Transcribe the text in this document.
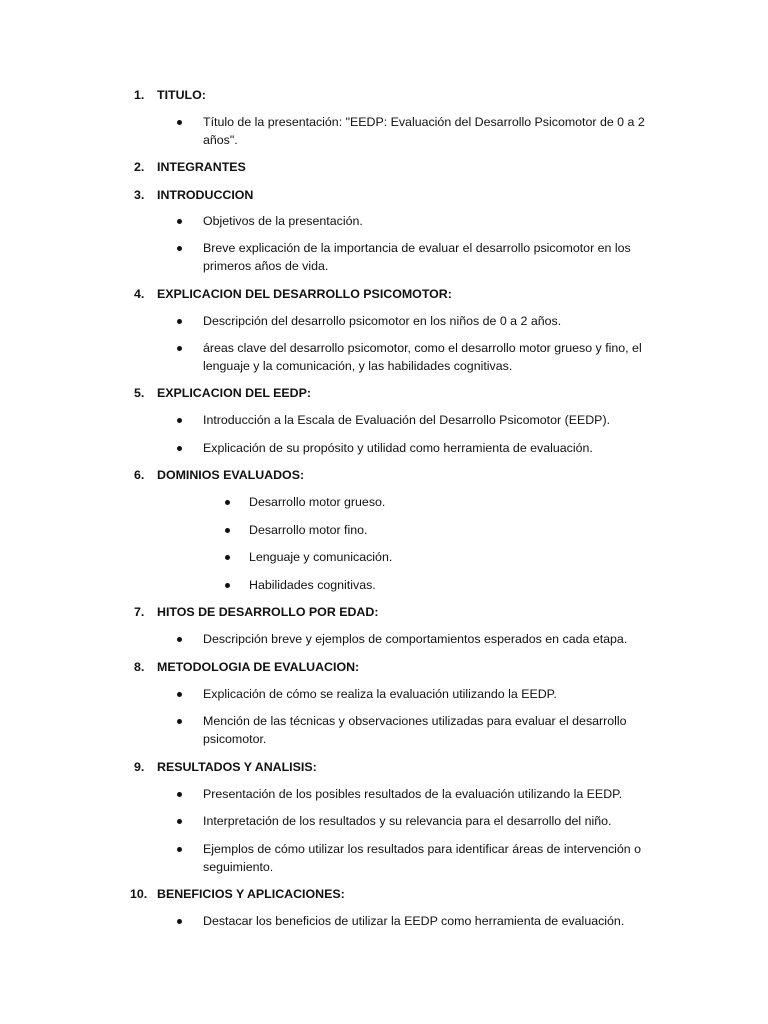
1. TITULO:
Título de la presentación: "EEDP: Evaluación del Desarrollo Psicomotor de 0 a 2 años".
2. INTEGRANTES
3. INTRODUCCION
Objetivos de la presentación.
Breve explicación de la importancia de evaluar el desarrollo psicomotor en los primeros años de vida.
4. EXPLICACION DEL DESARROLLO PSICOMOTOR:
Descripción del desarrollo psicomotor en los niños de 0 a 2 años.
áreas clave del desarrollo psicomotor, como el desarrollo motor grueso y fino, el lenguaje y la comunicación, y las habilidades cognitivas.
5. EXPLICACION DEL EEDP:
Introducción a la Escala de Evaluación del Desarrollo Psicomotor (EEDP).
Explicación de su propósito y utilidad como herramienta de evaluación.
6. DOMINIOS EVALUADOS:
Desarrollo motor grueso.
Desarrollo motor fino.
Lenguaje y comunicación.
Habilidades cognitivas.
7. HITOS DE DESARROLLO POR EDAD:
Descripción breve y ejemplos de comportamientos esperados en cada etapa.
8. METODOLOGIA DE EVALUACION:
Explicación de cómo se realiza la evaluación utilizando la EEDP.
Mención de las técnicas y observaciones utilizadas para evaluar el desarrollo psicomotor.
9. RESULTADOS Y ANALISIS:
Presentación de los posibles resultados de la evaluación utilizando la EEDP.
Interpretación de los resultados y su relevancia para el desarrollo del niño.
Ejemplos de cómo utilizar los resultados para identificar áreas de intervención o seguimiento.
10. BENEFICIOS Y APLICACIONES:
Destacar los beneficios de utilizar la EEDP como herramienta de evaluación.
